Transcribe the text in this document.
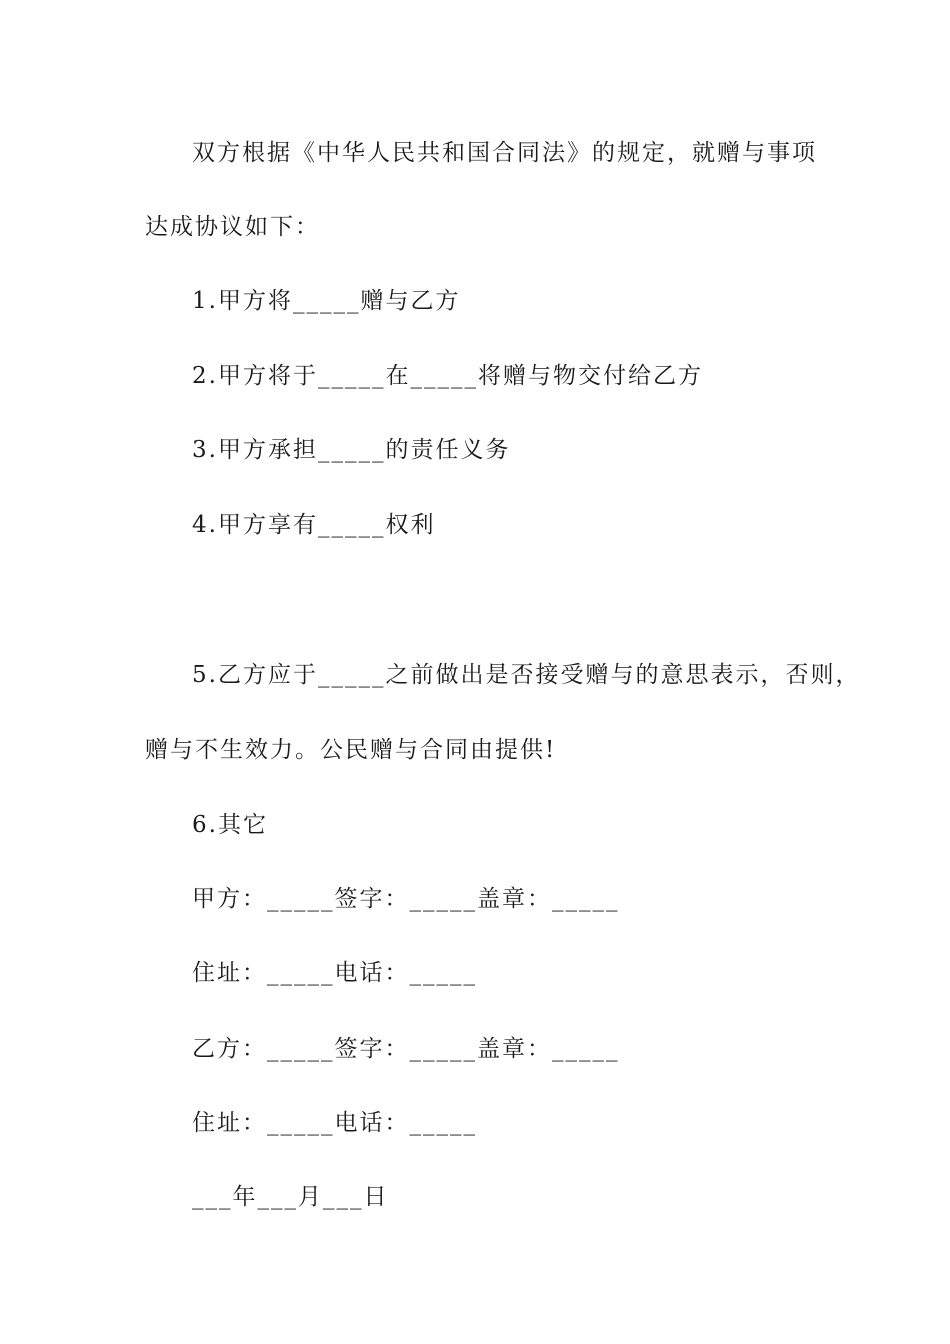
双方根据《中华人民共和国合同法》的规定，就赠与事项
达成协议如下：
1.甲方将_____赠与乙方
2.甲方将于_____在_____将赠与物交付给乙方
3.甲方承担_____的责任义务
4.甲方享有_____权利
5.乙方应于_____之前做出是否接受赠与的意思表示，否则，
赠与不生效力。公民赠与合同由提供!
6.其它
甲方：_____签字：_____盖章：_____
住址：_____电话：_____
乙方：_____签字：_____盖章：_____
住址：_____电话：_____
___年___月___日
